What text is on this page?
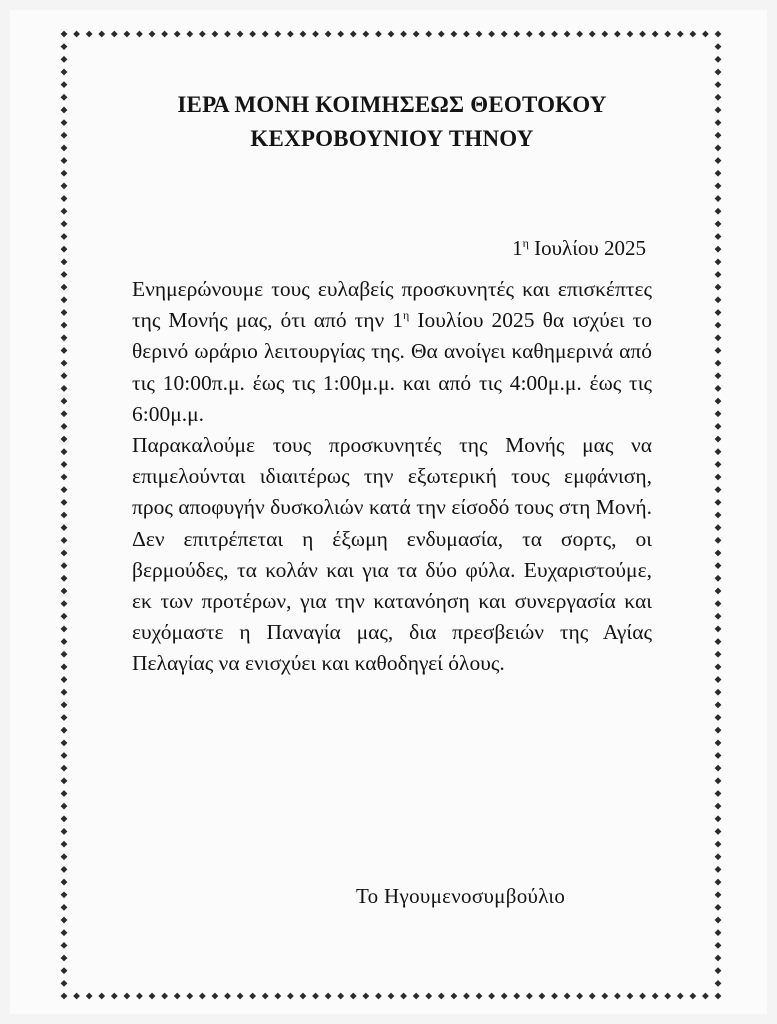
ΙΕΡΑ ΜΟΝΗ ΚΟΙΜΗΣΕΩΣ ΘΕΟΤΟΚΟΥ
ΚΕΧΡΟΒΟΥΝΙΟΥ ΤΗΝΟΥ
$1^\eta$ Ιουλίου 2025

Ενημερώνουμε τους ευλαβείς προσκυνητές και επισκέπτες της Μονής μας, ότι από την $1^\eta$ Ιουλίου 2025 θα ισχύει το θερινό ωράριο λειτουργίας της. Θα ανοίγει καθημερινά από τις 10:00π.μ. έως τις 1:00μ.μ. και από τις 4:00μ.μ. έως τις 6:00μ.μ.

Παρακαλούμε τους προσκυνητές της Μονής μας να επιμελούνται ιδιαιτέρως την εξωτερική τους εμφάνιση, προς αποφυγήν δυσκολιών κατά την είσοδό τους στη Μονή. Δεν επιτρέπεται η έξωμη ενδυμασία, τα σορτς, οι βερμούδες, τα κολάν και για τα δύο φύλα. Ευχαριστούμε, εκ των προτέρων, για την κατανόηση και συνεργασία και ευχόμαστε η Παναγία μας, δια πρεσβειών της Αγίας Πελαγίας να ενισχύει και καθοδηγεί όλους.

Το Ηγουμενοσυμβούλιο
